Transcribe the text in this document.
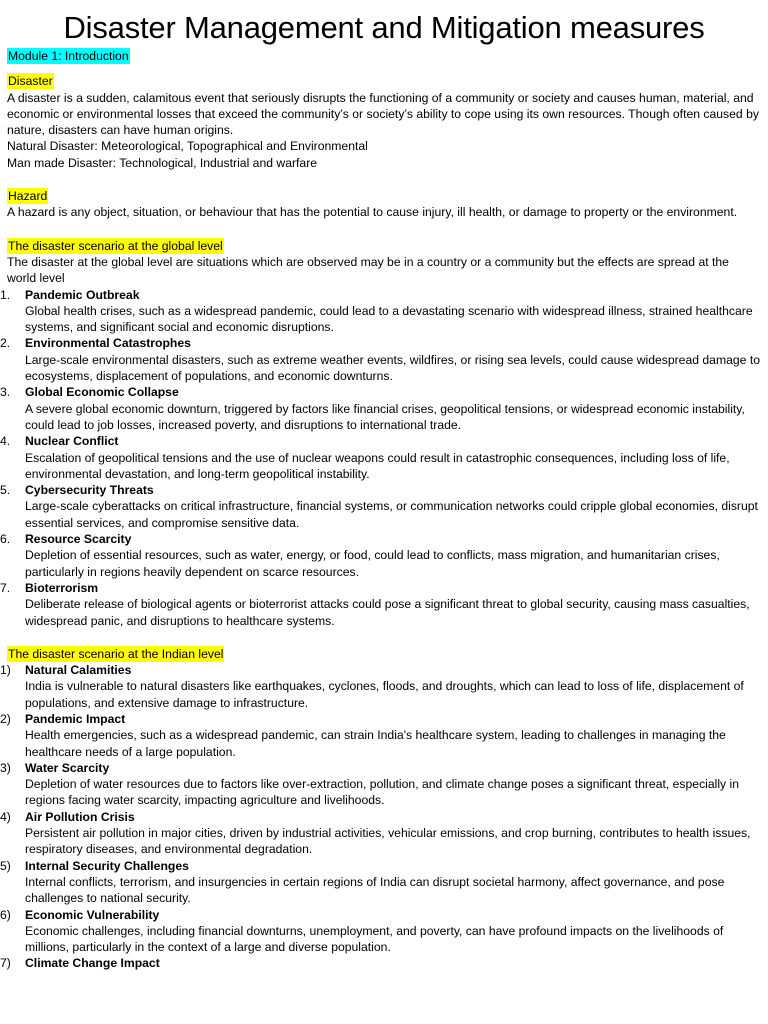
Disaster Management and Mitigation measures
Module 1: Introduction
Disaster

A disaster is a sudden, calamitous event that seriously disrupts the functioning of a community or society and causes human, material, and economic or environmental losses that exceed the community’s or society’s ability to cope using its own resources. Though often caused by nature, disasters can have human origins.

Natural Disaster: Meteorological, Topographical and Environmental

Man made Disaster: Technological, Industrial and warfare

Hazard

A hazard is any object, situation, or behaviour that has the potential to cause injury, ill health, or damage to property or the environment.

The disaster scenario at the global level

The disaster at the global level are situations which are observed may be in a country or a community but the effects are spread at the world level

1.	Pandemic Outbreak
Global health crises, such as a widespread pandemic, could lead to a devastating scenario with widespread illness, strained healthcare systems, and significant social and economic disruptions.
2.	Environmental Catastrophes
Large-scale environmental disasters, such as extreme weather events, wildfires, or rising sea levels, could cause widespread damage to ecosystems, displacement of populations, and economic downturns.
3.	Global Economic Collapse
A severe global economic downturn, triggered by factors like financial crises, geopolitical tensions, or widespread economic instability, could lead to job losses, increased poverty, and disruptions to international trade.
4.	Nuclear Conflict
Escalation of geopolitical tensions and the use of nuclear weapons could result in catastrophic consequences, including loss of life, environmental devastation, and long-term geopolitical instability.
5.	Cybersecurity Threats
Large-scale cyberattacks on critical infrastructure, financial systems, or communication networks could cripple global economies, disrupt essential services, and compromise sensitive data.
6.	Resource Scarcity
Depletion of essential resources, such as water, energy, or food, could lead to conflicts, mass migration, and humanitarian crises, particularly in regions heavily dependent on scarce resources.
7.	Bioterrorism
Deliberate release of biological agents or bioterrorist attacks could pose a significant threat to global security, causing mass casualties, widespread panic, and disruptions to healthcare systems.
The disaster scenario at the Indian level
1)	Natural Calamities
India is vulnerable to natural disasters like earthquakes, cyclones, floods, and droughts, which can lead to loss of life, displacement of populations, and extensive damage to infrastructure.
2)	Pandemic Impact
Health emergencies, such as a widespread pandemic, can strain India's healthcare system, leading to challenges in managing the healthcare needs of a large population.
3)	Water Scarcity
Depletion of water resources due to factors like over-extraction, pollution, and climate change poses a significant threat, especially in regions facing water scarcity, impacting agriculture and livelihoods.
4)	Air Pollution Crisis
Persistent air pollution in major cities, driven by industrial activities, vehicular emissions, and crop burning, contributes to health issues, respiratory diseases, and environmental degradation.
5)	Internal Security Challenges
Internal conflicts, terrorism, and insurgencies in certain regions of India can disrupt societal harmony, affect governance, and pose challenges to national security.
6)	Economic Vulnerability
Economic challenges, including financial downturns, unemployment, and poverty, can have profound impacts on the livelihoods of millions, particularly in the context of a large and diverse population.
7)	Climate Change Impact
